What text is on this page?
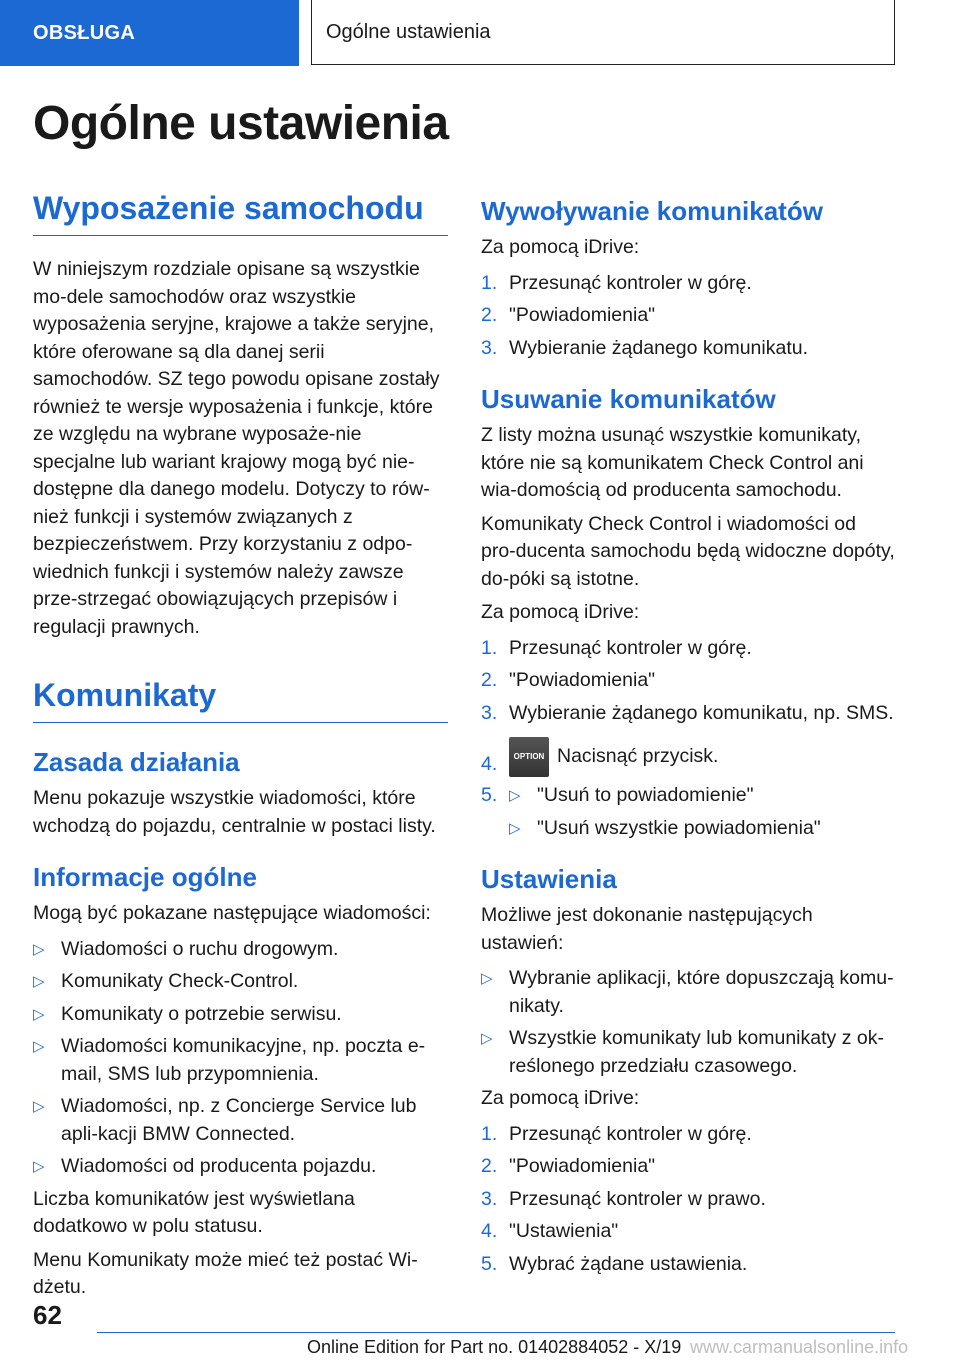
OBSŁUGA	Ogólne ustawienia
Ogólne ustawienia
Wyposażenie samochodu

W niniejszym rozdziale opisane są wszystkie mo-dele samochodów oraz wszystkie wyposażenia seryjne, krajowe a także seryjne, które oferowane są dla danej serii samochodów. SZ tego powodu opisane zostały również te wersje wyposażenia i funkcje, które ze względu na wybrane wyposaże-nie specjalne lub wariant krajowy mogą być nie-dostępne dla danego modelu. Dotyczy to rów-nież funkcji i systemów związanych z bezpieczeństwem. Przy korzystaniu z odpo-wiednich funkcji i systemów należy zawsze prze-strzegać obowiązujących przepisów i regulacji prawnych.

Komunikaty
Zasada działania

Menu pokazuje wszystkie wiadomości, które wchodzą do pojazdu, centralnie w postaci listy.

Informacje ogólne

Mogą być pokazane następujące wiadomości:

▷ Wiadomości o ruchu drogowym.
▷ Komunikaty Check-Control.
▷ Komunikaty o potrzebie serwisu.
▷ Wiadomości komunikacyjne, np. poczta e-mail, SMS lub przypomnienia.
▷ Wiadomości, np. z Concierge Service lub apli-kacji BMW Connected.
▷ Wiadomości od producenta pojazdu.

Liczba komunikatów jest wyświetlana dodatkowo w polu statusu.

Menu Komunikaty może mieć też postać Wi-dżetu.

Wywoływanie komunikatów

Za pomocą iDrive:

1. Przesunąć kontroler w górę.
2. "Powiadomienia"
3. Wybieranie żądanego komunikatu.
Usuwanie komunikatów

Z listy można usunąć wszystkie komunikaty, które nie są komunikatem Check Control ani wia-domością od producenta samochodu.

Komunikaty Check Control i wiadomości od pro-ducenta samochodu będą widoczne dopóty, do-póki są istotne.

Za pomocą iDrive:

1. Przesunąć kontroler w górę.
2. "Powiadomienia"
3. Wybieranie żądanego komunikatu, np. SMS.
4. OPTION Nacisnąć przycisk.
5. ▷ "Usuń to powiadomienie"
▷ "Usuń wszystkie powiadomienia"
Ustawienia

Możliwe jest dokonanie następujących ustawień:

▷ Wybranie aplikacji, które dopuszczają komu-nikaty.
▷ Wszystkie komunikaty lub komunikaty z ok-reślonego przedziału czasowego.

Za pomocą iDrive:

1. Przesunąć kontroler w górę.
2. "Powiadomienia"
3. Przesunąć kontroler w prawo.
4. "Ustawienia"
5. Wybrać żądane ustawienia.
62
Online Edition for Part no. 01402884052 - X/19 www.carmanualsonline.info
